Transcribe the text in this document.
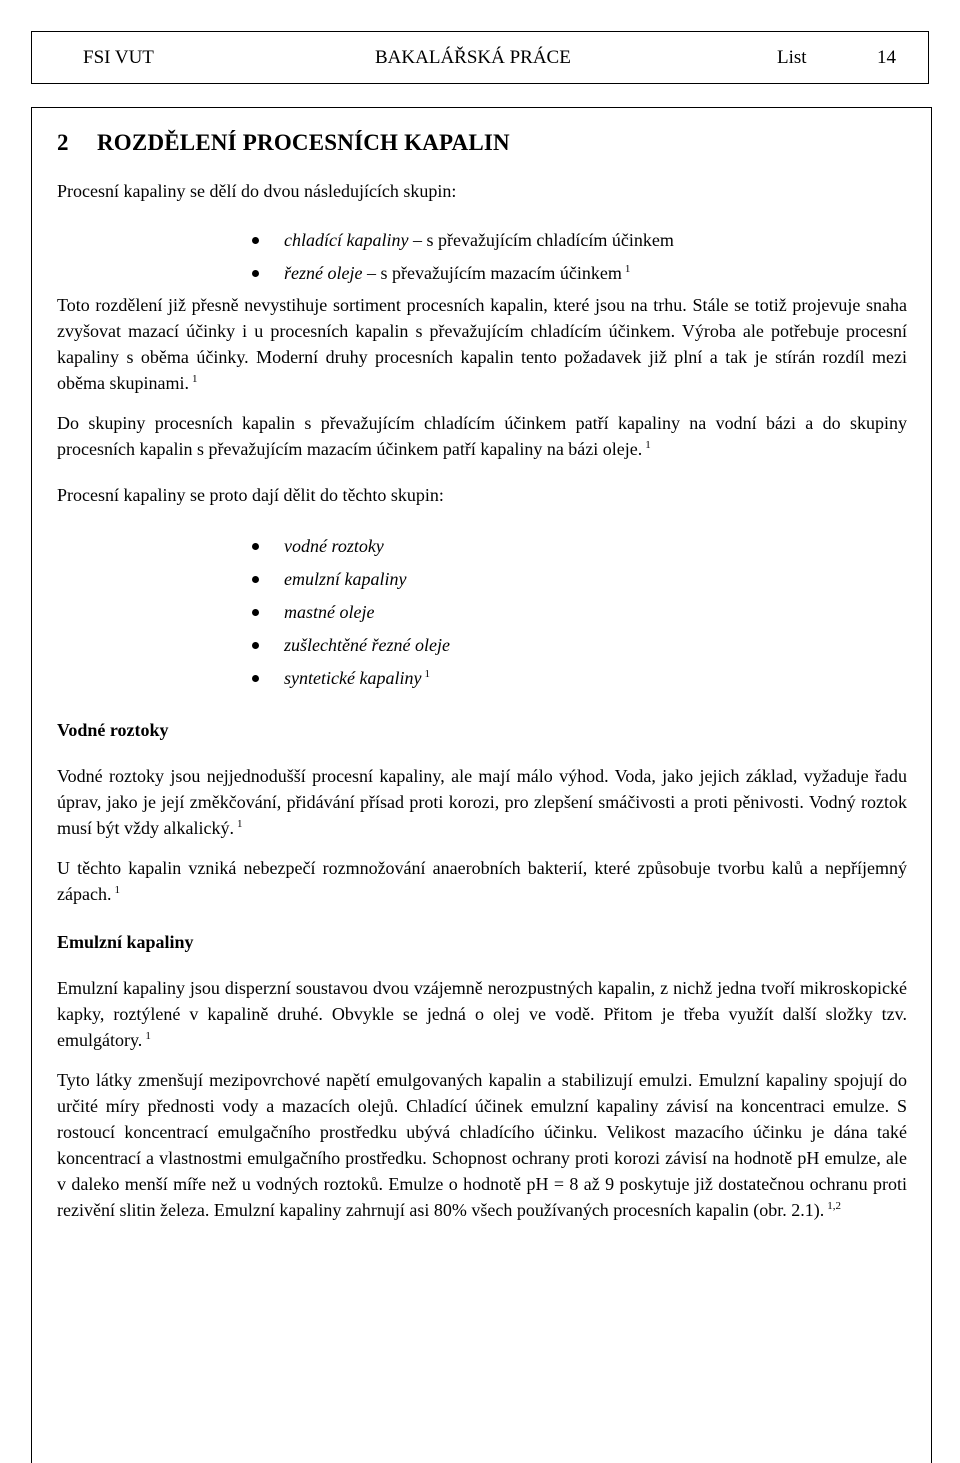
FSI VUT	BAKALÁŘSKÁ PRÁCE	List	14
2 ROZDĚLENÍ PROCESNÍCH KAPALIN

Procesní kapaliny se dělí do dvou následujících skupin:

chladící kapaliny – s převažujícím chladícím účinkem
řezné oleje – s převažujícím mazacím účinkem $^1$

Toto rozdělení již přesně nevystihuje sortiment procesních kapalin, které jsou na trhu. Stále se totiž projevuje snaha zvyšovat mazací účinky i u procesních kapalin s převažujícím chladícím účinkem. Výroba ale potřebuje procesní kapaliny s oběma účinky. Moderní druhy procesních kapalin tento požadavek již plní a tak je stírán rozdíl mezi oběma skupinami. $^1$

Do skupiny procesních kapalin s převažujícím chladícím účinkem patří kapaliny na vodní bázi a do skupiny procesních kapalin s převažujícím mazacím účinkem patří kapaliny na bázi oleje. $^1$

Procesní kapaliny se proto dají dělit do těchto skupin:

vodné roztoky
emulzní kapaliny
mastné oleje
zušlechtěné řezné oleje
syntetické kapaliny $^1$

Vodné roztoky

Vodné roztoky jsou nejjednodušší procesní kapaliny, ale mají málo výhod. Voda, jako jejich základ, vyžaduje řadu úprav, jako je její změkčování, přidávání přísad proti korozi, pro zlepšení smáčivosti a proti pěnivosti. Vodný roztok musí být vždy alkalický. $^1$

U těchto kapalin vzniká nebezpečí rozmnožování anaerobních bakterií, které způsobuje tvorbu kalů a nepříjemný zápach. $^1$

Emulzní kapaliny

Emulzní kapaliny jsou disperzní soustavou dvou vzájemně nerozpustných kapalin, z nichž jedna tvoří mikroskopické kapky, roztýlené v kapalině druhé. Obvykle se jedná o olej ve vodě. Přitom je třeba využít další složky tzv. emulgátory. $^1$

Tyto látky zmenšují mezipovrchové napětí emulgovaných kapalin a stabilizují emulzi. Emulzní kapaliny spojují do určité míry přednosti vody a mazacích olejů. Chladící účinek emulzní kapaliny závisí na koncentraci emulze. S rostoucí koncentrací emulgačního prostředku ubývá chladícího účinku. Velikost mazacího účinku je dána také koncentrací a vlastnostmi emulgačního prostředku. Schopnost ochrany proti korozi závisí na hodnotě pH emulze, ale v daleko menší míře než u vodných roztoků. Emulze o hodnotě pH = 8 až 9 poskytuje již dostatečnou ochranu proti rezivění slitin železa. Emulzní kapaliny zahrnují asi 80% všech používaných procesních kapalin (obr. 2.1). $^{1,2}$
